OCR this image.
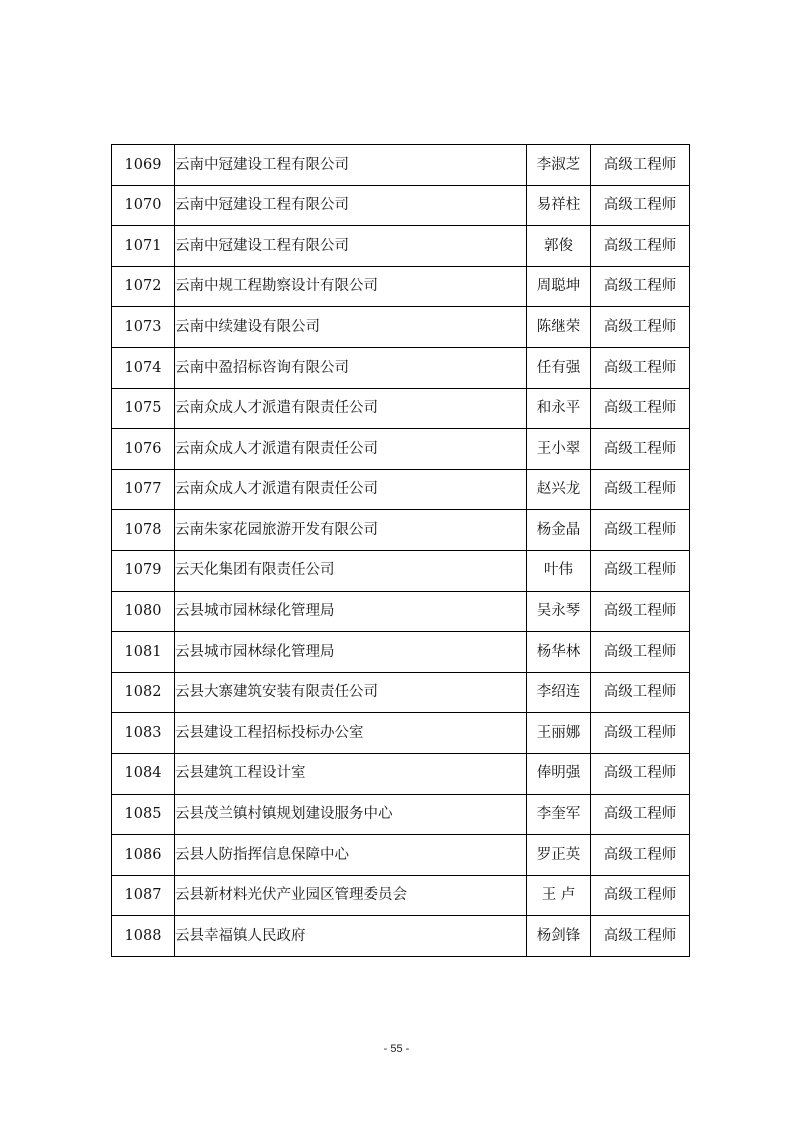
1069	云南中冠建设工程有限公司	李淑芝	高级工程师
1070	云南中冠建设工程有限公司	易祥柱	高级工程师
1071	云南中冠建设工程有限公司	郭俊	高级工程师
1072	云南中规工程勘察设计有限公司	周聪坤	高级工程师
1073	云南中续建设有限公司	陈继荣	高级工程师
1074	云南中盈招标咨询有限公司	任有强	高级工程师
1075	云南众成人才派遣有限责任公司	和永平	高级工程师
1076	云南众成人才派遣有限责任公司	王小翠	高级工程师
1077	云南众成人才派遣有限责任公司	赵兴龙	高级工程师
1078	云南朱家花园旅游开发有限公司	杨金晶	高级工程师
1079	云天化集团有限责任公司	叶伟	高级工程师
1080	云县城市园林绿化管理局	吴永琴	高级工程师
1081	云县城市园林绿化管理局	杨华林	高级工程师
1082	云县大寨建筑安装有限责任公司	李绍连	高级工程师
1083	云县建设工程招标投标办公室	王丽娜	高级工程师
1084	云县建筑工程设计室	俸明强	高级工程师
1085	云县茂兰镇村镇规划建设服务中心	李奎军	高级工程师
1086	云县人防指挥信息保障中心	罗正英	高级工程师
1087	云县新材料光伏产业园区管理委员会	王 卢	高级工程师
1088	云县幸福镇人民政府	杨剑锋	高级工程师
- 55 -
